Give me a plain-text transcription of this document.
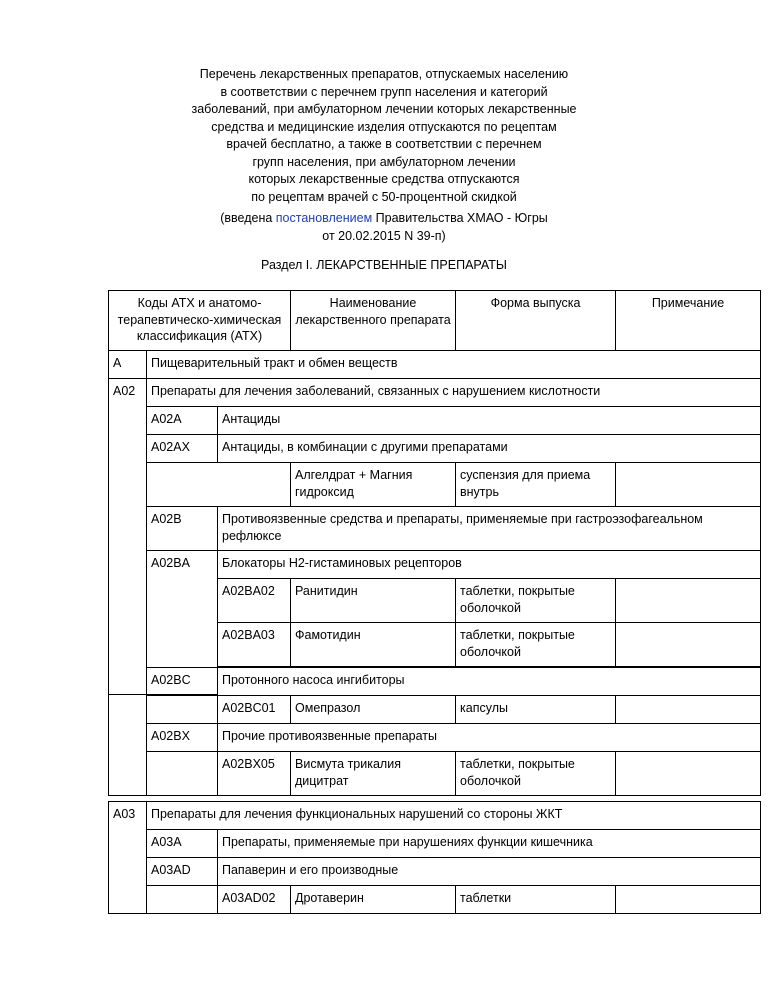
Перечень лекарственных препаратов, отпускаемых населению
в соответствии с перечнем групп населения и категорий
заболеваний, при амбулаторном лечении которых лекарственные
средства и медицинские изделия отпускаются по рецептам
врачей бесплатно, а также в соответствии с перечнем
групп населения, при амбулаторном лечении
которых лекарственные средства отпускаются
по рецептам врачей с 50-процентной скидкой
(введена постановлением Правительства ХМАО - Югры
от 20.02.2015 N 39-п)
Раздел I. ЛЕКАРСТВЕННЫЕ ПРЕПАРАТЫ
Коды АТХ и анатомо-терапевтическо-химическая классификация (АТХ)			Наименование лекарственного препарата	Форма выпуска	Примечание
А	Пищеварительный тракт и обмен веществ				
A02	Препараты для лечения заболеваний, связанных с нарушением кислотности				
	A02A	Антациды			
	A02AX	Антациды, в комбинации с другими препаратами			
			Алгелдрат + Магния гидроксид	суспензия для приема внутрь	
	A02B	Противоязвенные средства и препараты, применяемые при гастроэзофагеальном рефлюксе			
	A02BA	Блокаторы H2-гистаминовых рецепторов			
		A02BA02	Ранитидин	таблетки, покрытые оболочкой	
		A02BA03	Фамотидин	таблетки, покрытые оболочкой	

	A02BC	Протонного насоса ингибиторы			
		A02BC01	Омепразол	капсулы	
	A02BX	Прочие противоязвенные препараты			
		A02BX05	Висмута трикалия дицитрат	таблетки, покрытые оболочкой	
A03	Препараты для лечения функциональных нарушений со стороны ЖКТ				
	A03A	Препараты, применяемые при нарушениях функции кишечника			
	A03AD	Папаверин и его производные			
		A03AD02	Дротаверин	таблетки	
